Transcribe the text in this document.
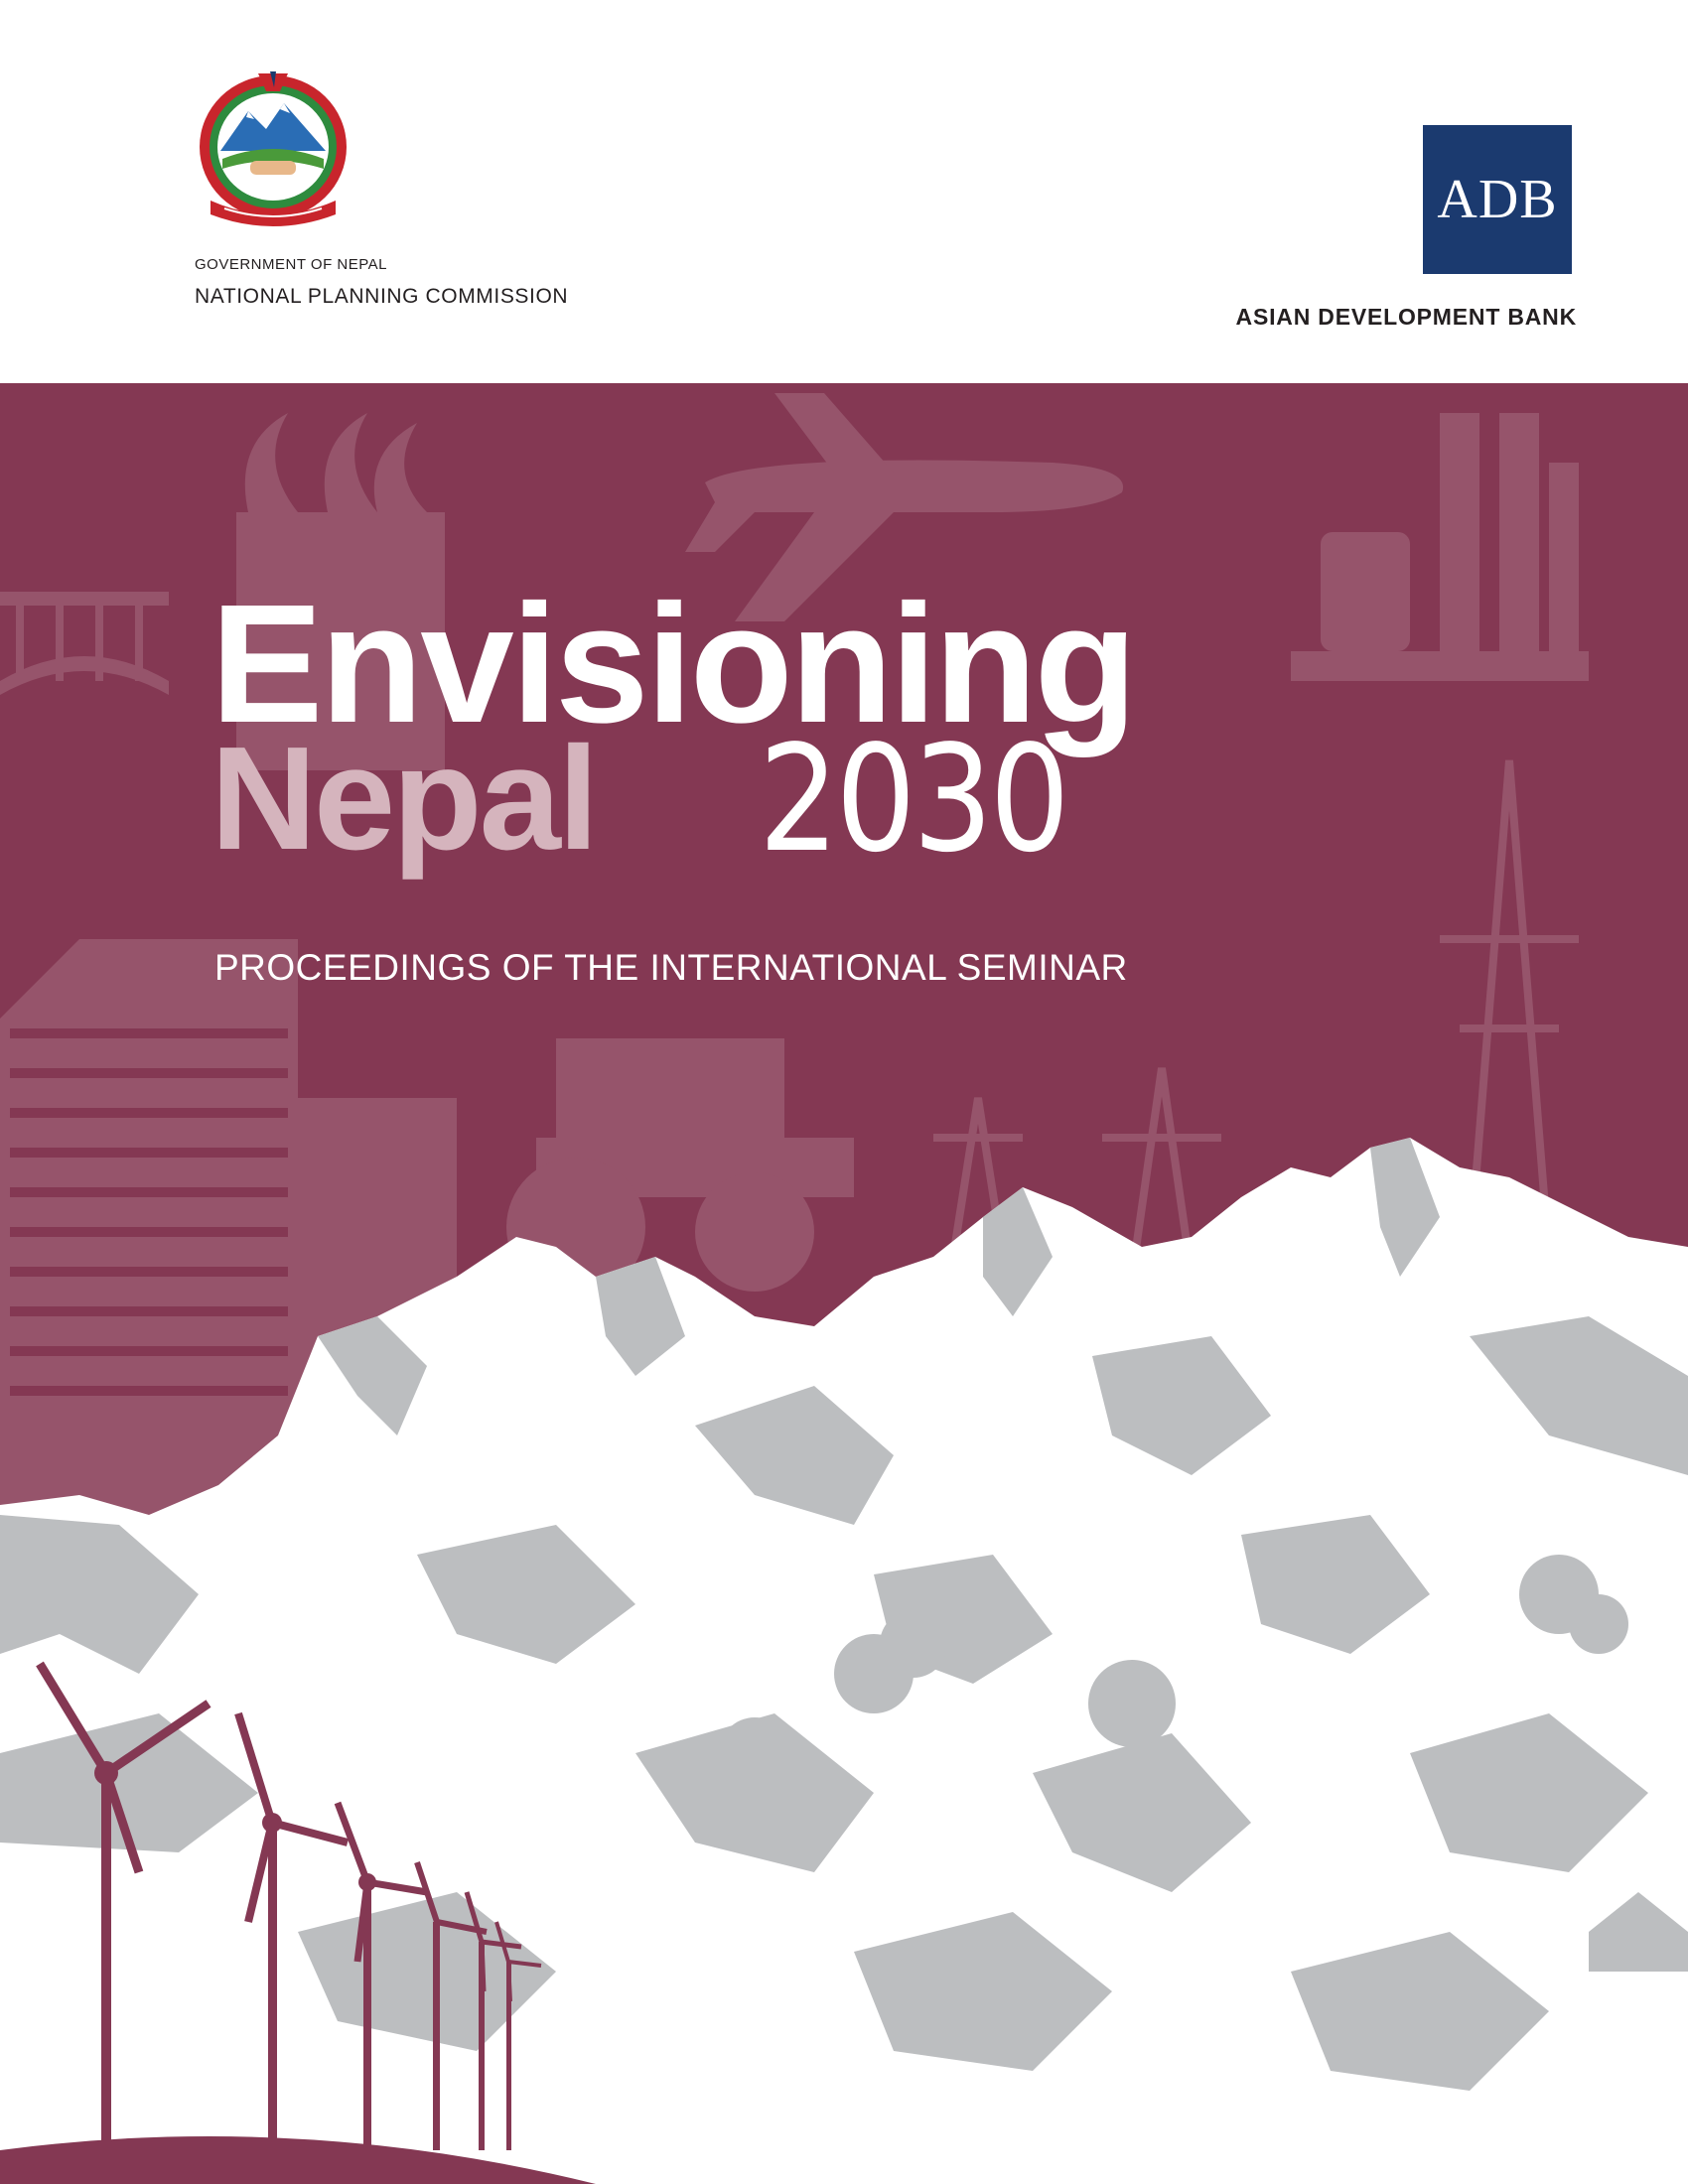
GOVERNMENT OF NEPAL
NATIONAL PLANNING COMMISSION
ADB
ASIAN DEVELOPMENT BANK
Envisioning
Nepal 2030
PROCEEDINGS OF THE INTERNATIONAL SEMINAR
